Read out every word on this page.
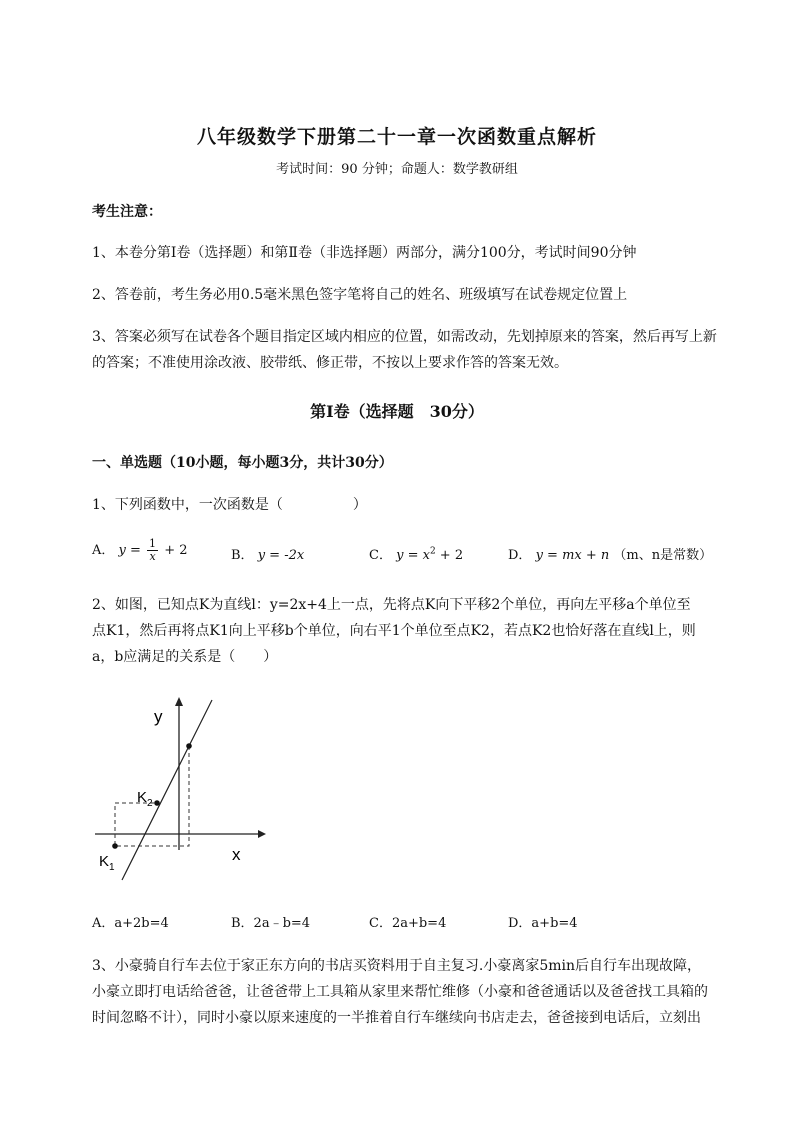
八年级数学下册第二十一章一次函数重点解析
考试时间：90 分钟；命题人：数学教研组
考生注意：
1、本卷分第I卷（选择题）和第Ⅱ卷（非选择题）两部分，满分100分，考试时间90分钟
2、答卷前，考生务必用0.5毫米黑色签字笔将自己的姓名、班级填写在试卷规定位置上
3、答案必须写在试卷各个题目指定区域内相应的位置，如需改动，先划掉原来的答案，然后再写上新
的答案；不准使用涂改液、胶带纸、修正带，不按以上要求作答的答案无效。
第I卷（选择题　30分）
一、单选题（10小题，每小题3分，共计30分）
1、下列函数中，一次函数是（　　　　　）
A． $y = \frac{1}{x} + 2$	B． y = -2x	C． $y = x^2 + 2$	D． y = mx + n （m、n是常数）
2、如图，已知点K为直线l：y=2x+4上一点，先将点K向下平移2个单位，再向左平移a个单位至
点K1，然后再将点K1向上平移b个单位，向右平1个单位至点K2，若点K2也恰好落在直线l上，则
a，b应满足的关系是（　　）
y
x
$K_2$
$K_1$
A．a+2b=4	B．2a﹣b=4	C．2a+b=4	D．a+b=4
3、小豪骑自行车去位于家正东方向的书店买资料用于自主复习.小豪离家5min后自行车出现故障，
小豪立即打电话给爸爸，让爸爸带上工具箱从家里来帮忙维修（小豪和爸爸通话以及爸爸找工具箱的
时间忽略不计），同时小豪以原来速度的一半推着自行车继续向书店走去，爸爸接到电话后，立刻出
